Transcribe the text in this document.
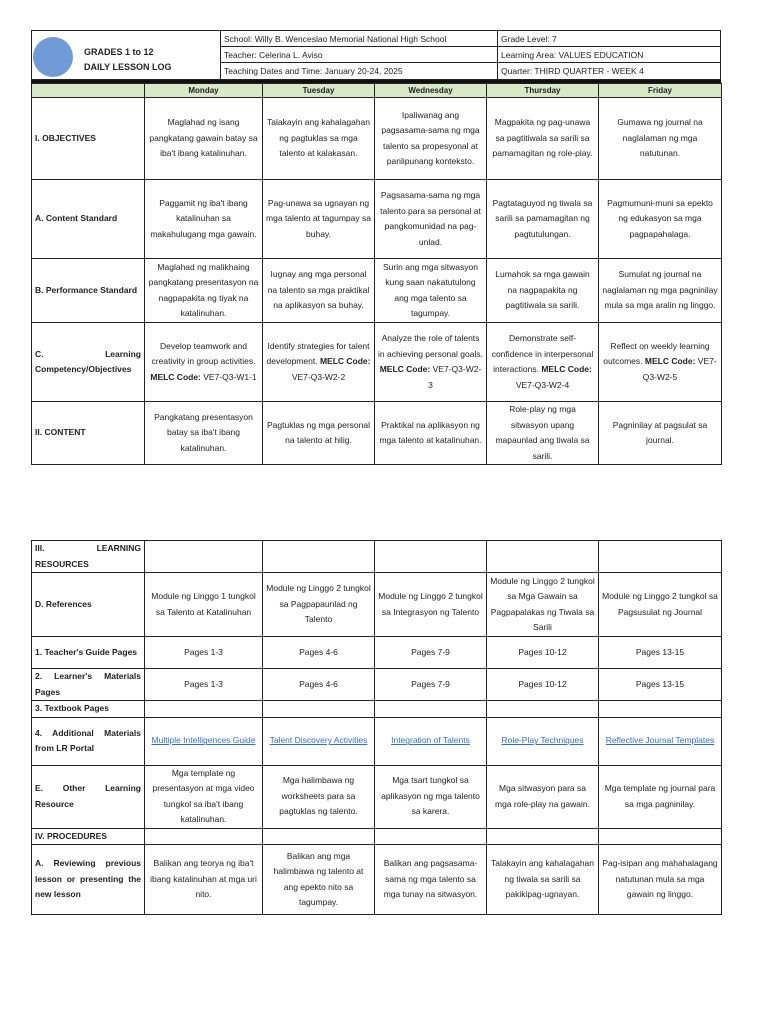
GRADES 1 to 12
DAILY LESSON LOG
School: Willy B. Wenceslao Memorial National High School	Grade Level: 7
Teacher: Celerina L. Aviso	Learning Area: VALUES EDUCATION
Teaching Dates and Time: January 20-24, 2025	Quarter: THIRD QUARTER - WEEK 4
	Monday	Tuesday	Wednesday	Thursday	Friday
I. OBJECTIVES	Maglahad ng isang pangkatang gawain batay sa iba't ibang katalinuhan.	Talakayin ang kahalagahan ng pagtuklas sa mga talento at kalakasan.	Ipaliwanag ang pagsasama-sama ng mga talento sa propesyonal at panlipunang konteksto.	Magpakita ng pag-unawa sa pagtitiwala sa sarili sa pamamagitan ng role-play.	Gumawa ng journal na naglalaman ng mga natutunan.
A. Content Standard	Paggamit ng iba't ibang katalinuhan sa makahulugang mga gawain.	Pag-unawa sa ugnayan ng mga talento at tagumpay sa buhay.	Pagsasama-sama ng mga talento para sa personal at pangkomunidad na pag-unlad.	Pagtataguyod ng tiwala sa sarili sa pamamagitan ng pagtutulungan.	Pagmumuni-muni sa epekto ng edukasyon sa mga pagpapahalaga.
B. Performance Standard	Maglahad ng malikhaing pangkatang presentasyon na nagpapakita ng tiyak na katalinuhan.	Iugnay ang mga personal na talento sa mga praktikal na aplikasyon sa buhay.	Surin ang mga sitwasyon kung saan nakatutulong ang mga talento sa tagumpay.	Lumahok sa mga gawain na nagpapakita ng pagtitiwala sa sarili.	Sumulat ng journal na naglalaman ng mga pagninilay mula sa mga aralin ng linggo.
C. Learning Competency/Objectives	Develop teamwork and creativity in group activities. MELC Code: VE7-Q3-W1-1	Identify strategies for talent development. MELC Code: VE7-Q3-W2-2	Analyze the role of talents in achieving personal goals. MELC Code: VE7-Q3-W2-3	Demonstrate self-confidence in interpersonal interactions. MELC Code: VE7-Q3-W2-4	Reflect on weekly learning outcomes. MELC Code: VE7-Q3-W2-5
II. CONTENT	Pangkatang presentasyon batay sa iba't ibang katalinuhan.	Pagtuklas ng mga personal na talento at hilig.	Praktikal na aplikasyon ng mga talento at katalinuhan.	Role-play ng mga sitwasyon upang mapaunlad ang tiwala sa sarili.	Pagninilay at pagsulat sa journal.
III. LEARNING RESOURCES					
D. References	Module ng Linggo 1 tungkol sa Talento at Katalinuhan	Module ng Linggo 2 tungkol sa Pagpapaunlad ng Talento	Module ng Linggo 2 tungkol sa Integrasyon ng Talento	Module ng Linggo 2 tungkol sa Mga Gawain sa Pagpapalakas ng Tiwala sa Sarili	Module ng Linggo 2 tungkol sa Pagsusulat ng Journal
1. Teacher's Guide Pages	Pages 1-3	Pages 4-6	Pages 7-9	Pages 10-12	Pages 13-15
2. Learner's Materials Pages	Pages 1-3	Pages 4-6	Pages 7-9	Pages 10-12	Pages 13-15
3. Textbook Pages					
4. Additional Materials from LR Portal	Multiple Intelligences Guide	Talent Discovery Activities	Integration of Talents	Role-Play Techniques	Reflective Journal Templates
E. Other Learning Resource	Mga template ng presentasyon at mga video tungkol sa iba't ibang katalinuhan.	Mga halimbawa ng worksheets para sa pagtuklas ng talento.	Mga tsart tungkol sa aplikasyon ng mga talento sa karera.	Mga sitwasyon para sa mga role-play na gawain.	Mga template ng journal para sa mga pagninilay.
IV. PROCEDURES					
A. Reviewing previous lesson or presenting the new lesson	Balikan ang teorya ng iba't ibang katalinuhan at mga uri nito.	Balikan ang mga halimbawa ng talento at ang epekto nito sa tagumpay.	Balikan ang pagsasama-sama ng mga talento sa mga tunay na sitwasyon.	Talakayin ang kahalagahan ng tiwala sa sarili sa pakikipag-ugnayan.	Pag-isipan ang mahahalagang natutunan mula sa mga gawain ng linggo.
